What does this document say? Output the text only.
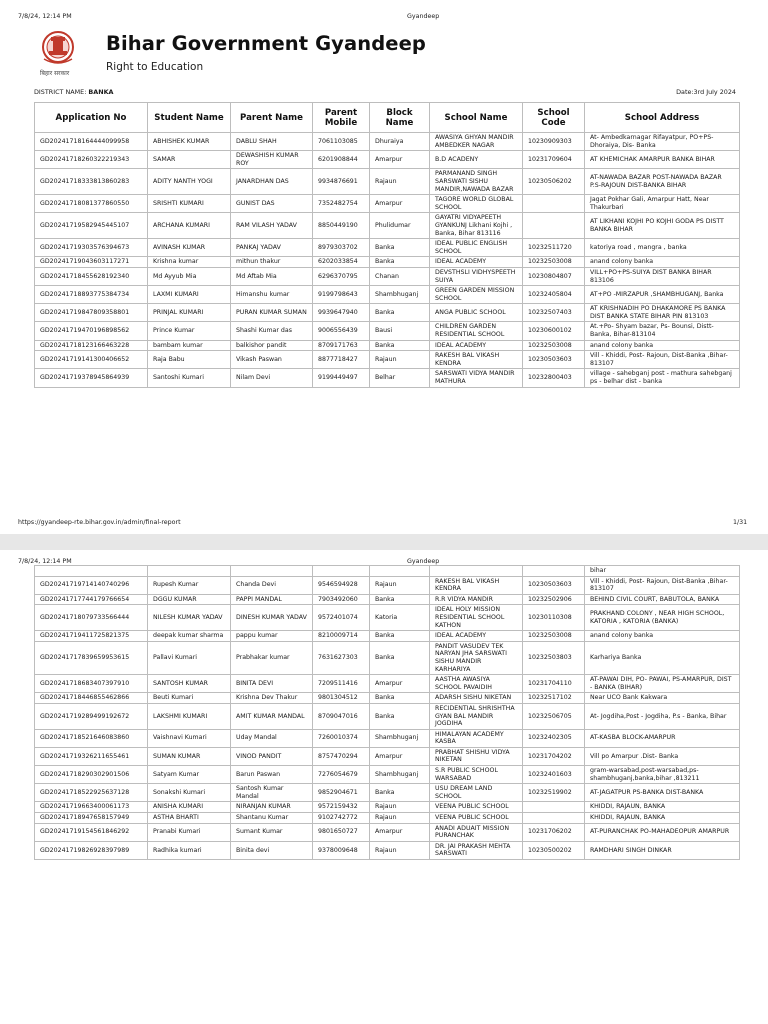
7/8/24, 12:14 PM	Gyandeep
बिहार सरकार
Bihar Government Gyandeep
Right to Education
DISTRICT NAME: BANKA	Date:3rd July 2024
Application No	Student Name	Parent Name	Parent Mobile	Block Name	School Name	School Code	School Address
GD20241718164444099958	ABHISHEK KUMAR	DABLU SHAH	7061103085	Dhuraiya	AWASIYA GHYAN MANDIR AMBEDKER NAGAR	10230909303	At- Ambedkarnagar Rifayatpur, PO+PS- Dhoraiya, Dis- Banka
GD20241718260322219343	SAMAR	DEWASHISH KUMAR ROY	6201908844	Amarpur	B.D ACADENY	10231709604	AT KHEMICHAK AMARPUR BANKA BIHAR
GD20241718333813860283	ADITY NANTH YOGI	JANARDHAN DAS	9934876691	Rajaun	PARMANAND SINGH SARSWATI SISHU MANDIR,NAWADA BAZAR	10230506202	AT-NAWADA BAZAR POST-NAWADA BAZAR P.S-RAJOUN DIST-BANKA BIHAR
GD20241718081377860550	SRISHTI KUMARI	GUNIST DAS	7352482754	Amarpur	TAGORE WORLD GLOBAL SCHOOL		Jagat Pokhar Gali, Amarpur Hatt, Near Thakurbari
GD20241719582945445107	ARCHANA KUMARI	RAM VILASH YADAV	8850449190	Phulidumar	GAYATRI VIDYAPEETH GYANKUNJ Likhani Kojhi , Banka, Bihar 813116		AT LIKHANI KOJHI PO KOJHI GODA PS DISTT BANKA BIHAR
GD20241719303576394673	AVINASH KUMAR	PANKAJ YADAV	8979303702	Banka	IDEAL PUBLIC ENGLISH SCHOOL	10232511720	katoriya road , mangra , banka
GD20241719043603117271	Krishna kumar	mithun thakur	6202033854	Banka	IDEAL ACADEMY	10232503008	anand colony banka
GD20241718455628192340	Md Ayyub Mia	Md Aftab Mia	6296370795	Chanan	DEVSTHSLI VIDHYSPEETH SUIYA	10230804807	VILL+PO+PS-SUIYA DIST BANKA BIHAR 813106
GD20241718893775384734	LAXMI KUMARI	Himanshu kumar	9199798643	Shambhuganj	GREEN GARDEN MISSION SCHOOL	10232405804	AT+PO -MIRZAPUR ,SHAMBHUGANJ, Banka
GD20241719847809358801	PRINJAL KUMARI	PURAN KUMAR SUMAN	9939647940	Banka	ANGA PUBLIC SCHOOL	10232507403	AT KRISHNADIH PO DHAKAMORE PS BANKA DIST BANKA STATE BIHAR PIN 813103
GD20241719470196898562	Prince Kumar	Shashi Kumar das	9006556439	Bausi	CHILDREN GARDEN RESIDENTIAL SCHOOL	10230600102	At.+Po- Shyam bazar, Ps- Bounsi, Distt- Banka, Bihar-813104
GD20241718123166463228	bambam kumar	balkishor pandit	8709171763	Banka	IDEAL ACADEMY	10232503008	anand colony banka
GD20241719141300406652	Raja Babu	Vikash Paswan	8877718427	Rajaun	RAKESH BAL VIKASH KENDRA	10230503603	Vill - Khiddi, Post- Rajoun, Dist-Banka ,Bihar-813107
GD20241719378945864939	Santoshi Kumari	Nilam Devi	9199449497	Belhar	SARSWATI VIDYA MANDIR MATHURA	10232800403	village - sahebganj post - mathura sahebganj ps - belhar dist - banka
https://gyandeep-rte.bihar.gov.in/admin/final-report	1/31
7/8/24, 12:14 PM	Gyandeep
							bihar
GD20241719714140740296	Rupesh Kumar	Chanda Devi	9546594928	Rajaun	RAKESH BAL VIKASH KENDRA	10230503603	Vill - Khiddi, Post- Rajoun, Dist-Banka ,Bihar-813107
GD20241717744179766654	DGGU KUMAR	PAPPI MANDAL	7903492060	Banka	R.R VIDYA MANDIR	10232502906	BEHIND CIVIL COURT, BABUTOLA, BANKA
GD20241718079733566444	NILESH KUMAR YADAV	DINESH KUMAR YADAV	9572401074	Katoria	IDEAL HOLY MISSION RESIDENTIAL SCHOOL KATHON	10230110308	PRAKHAND COLONY , NEAR HIGH SCHOOL, KATORIA , KATORIA (BANKA)
GD20241719411725821375	deepak kumar sharma	pappu kumar	8210009714	Banka	IDEAL ACADEMY	10232503008	anand colony banka
GD20241717839659953615	Pallavi Kumari	Prabhakar kumar	7631627303	Banka	PANDIT VASUDEV TEK NARYAN JHA SARSWATI SISHU MANDIR KARHARIYA	10232503803	Karhariya Banka
GD20241718683407397910	SANTOSH KUMAR	BINITA DEVI	7209511416	Amarpur	AASTHA AWASIYA SCHOOL PAVAIDIH	10231704110	AT-PAWAI DIH, PO- PAWAI, PS-AMARPUR, DIST - BANKA (BIHAR)
GD20241718446855462866	Beuti Kumari	Krishna Dev Thakur	9801304512	Banka	ADARSH SISHU NIKETAN	10232517102	Near UCO Bank Kakwara
GD20241719289499192672	LAKSHMI KUMARI	AMIT KUMAR MANDAL	8709047016	Banka	RECIDENTIAL SHRISHTHA GYAN BAL MANDIR JOGDIHA	10232506705	At- Jogdiha,Post - Jogdiha, P.s - Banka, Bihar
GD20241718521646083860	Vaishnavi Kumari	Uday Mandal	7260010374	Shambhuganj	HIMALAYAN ACADEMY KASBA	10232402305	AT-KASBA BLOCK-AMARPUR
GD20241719326211655461	SUMAN KUMAR	VINOD PANDIT	8757470294	Amarpur	PRABHAT SHISHU VIDYA NIKETAN	10231704202	Vill po Amarpur .Dist- Banka
GD20241718290302901506	Satyam Kumar	Barun Paswan	7276054679	Shambhuganj	S.R PUBLIC SCHOOL WARSABAD	10232401603	gram-warsabad,post-warsabad,ps-shambhuganj,banka,bihar ,813211
GD20241718522925637128	Sonakshi Kumari	Santosh Kumar Mandal	9852904671	Banka	USU DREAM LAND SCHOOL	10232519902	AT-JAGATPUR PS-BANKA DIST-BANKA
GD20241719663400061173	ANISHA KUMARI	NIRANJAN KUMAR	9572159432	Rajaun	VEENA PUBLIC SCHOOL		KHIDDI, RAJAUN, BANKA
GD20241718947658157949	ASTHA BHARTI	Shantanu Kumar	9102742772	Rajaun	VEENA PUBLIC SCHOOL		KHIDDI, RAJAUN, BANKA
GD20241719154561846292	Pranabi Kumari	Sumant Kumar	9801650727	Amarpur	ANADI ADUAIT MISSION PURANCHAK	10231706202	AT-PURANCHAK PO-MAHADEOPUR AMARPUR
GD20241719826928397989	Radhika kumari	Binita devi	9378009648	Rajaun	DR. JAI PRAKASH MEHTA SARSWATI	10230500202	RAMDHARI SINGH DINKAR
